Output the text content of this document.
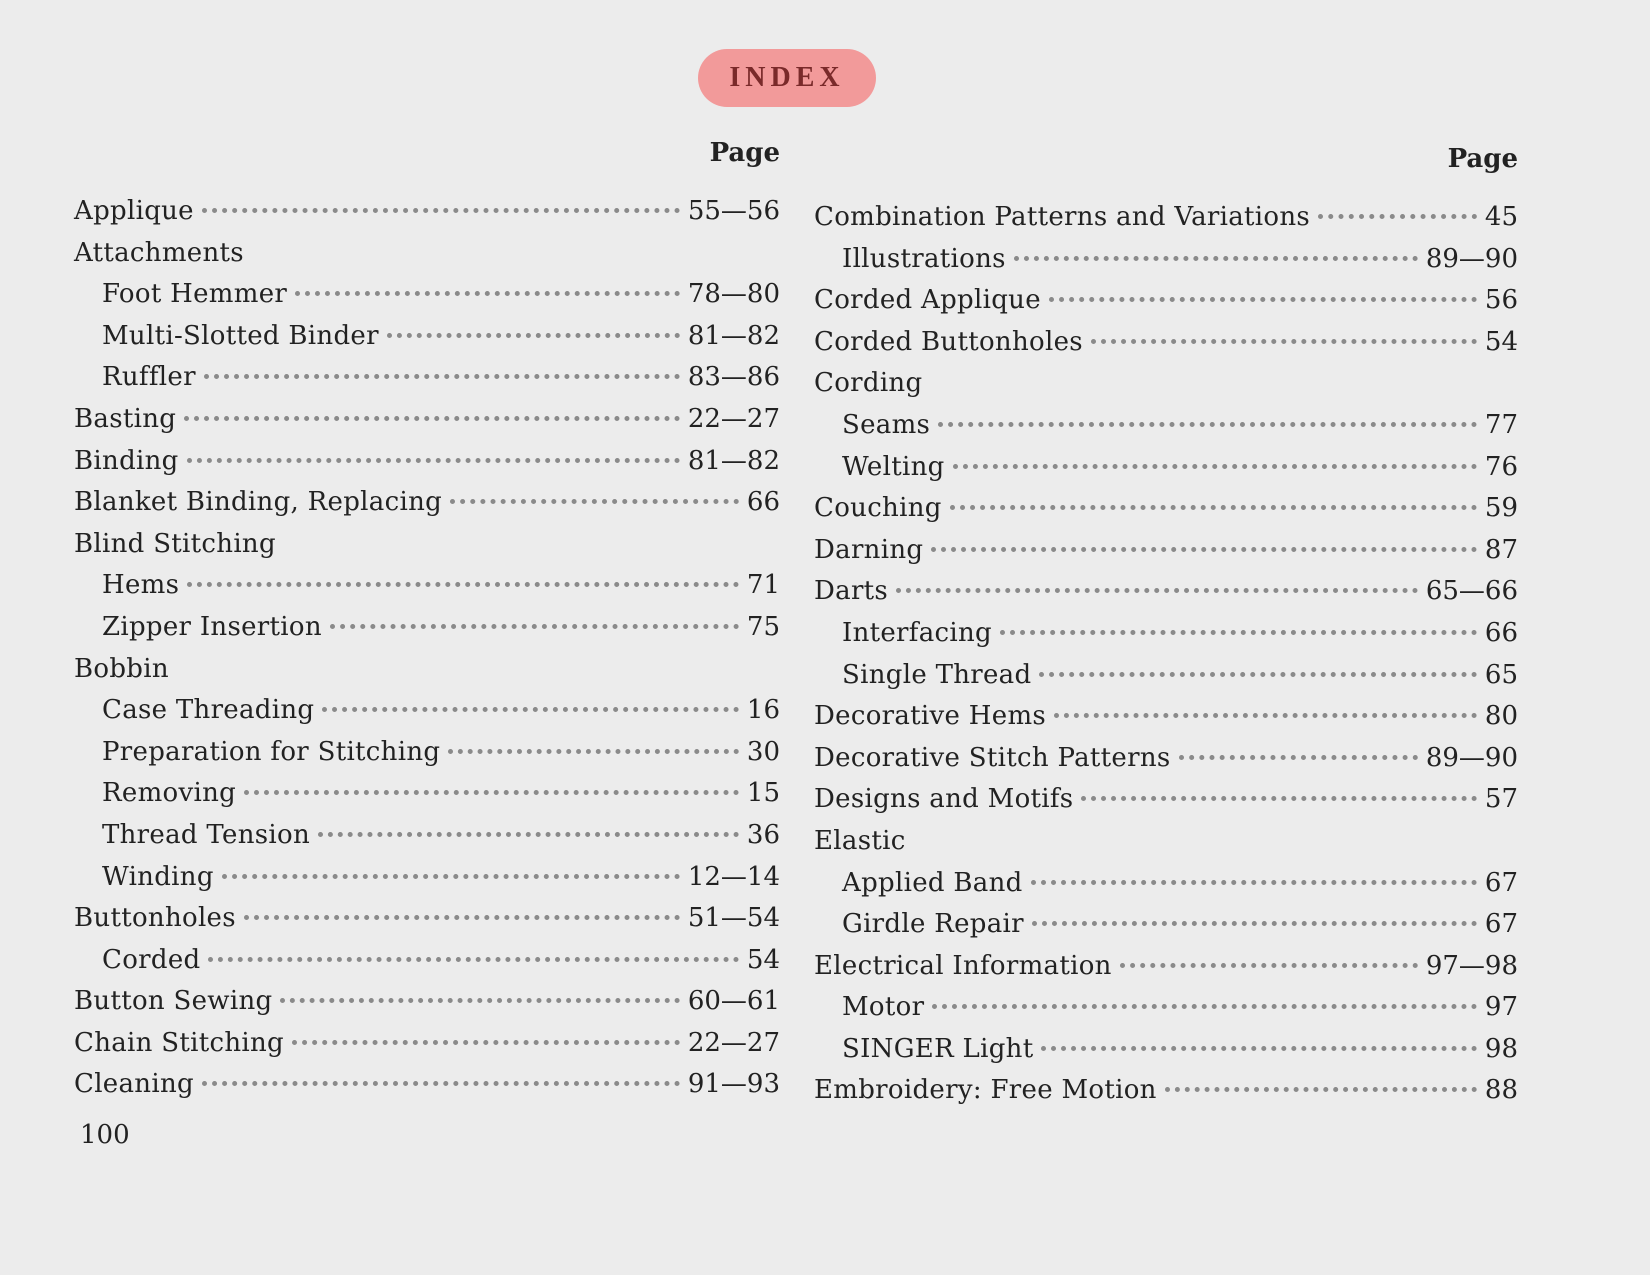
INDEX
Page
Applique	55—56
Attachments
Foot Hemmer	78—80
Multi-Slotted Binder	81—82
Ruffler	83—86
Basting	22—27
Binding	81—82
Blanket Binding, Replacing	66
Blind Stitching
Hems	71
Zipper Insertion	75
Bobbin
Case Threading	16
Preparation for Stitching	30
Removing	15
Thread Tension	36
Winding	12—14
Buttonholes	51—54
Corded	54
Button Sewing	60—61
Chain Stitching	22—27
Cleaning	91—93
Page
Combination Patterns and Variations	45
Illustrations	89—90
Corded Applique	56
Corded Buttonholes	54
Cording
Seams	77
Welting	76
Couching	59
Darning	87
Darts	65—66
Interfacing	66
Single Thread	65
Decorative Hems	80
Decorative Stitch Patterns	89—90
Designs and Motifs	57
Elastic
Applied Band	67
Girdle Repair	67
Electrical Information	97—98
Motor	97
SINGER Light	98
Embroidery: Free Motion	88
100
